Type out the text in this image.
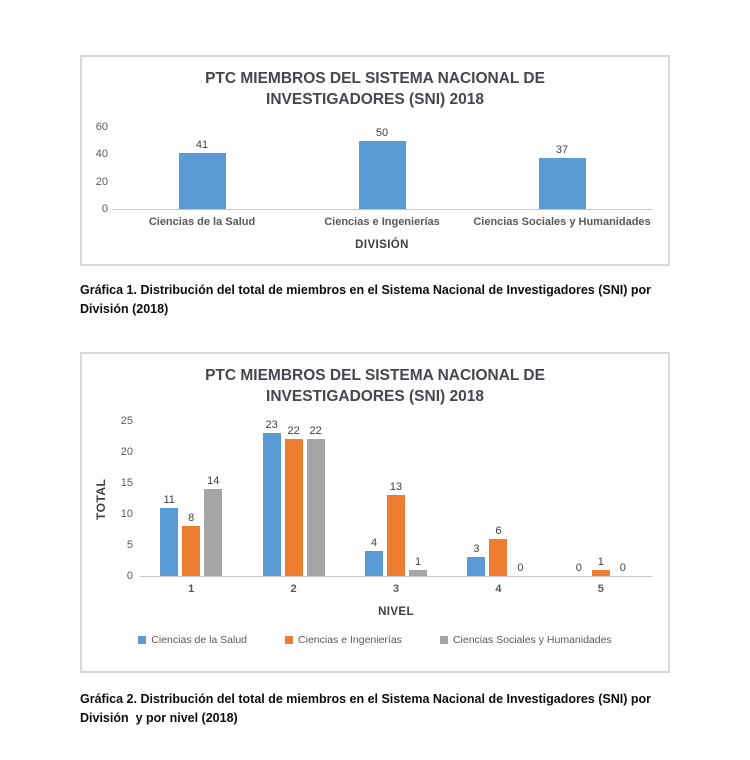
PTC MIEMBROS DEL SISTEMA NACIONAL DE INVESTIGADORES (SNI) 2018
0
20
40
60
41
50
37
Ciencias de la Salud	Ciencias e Ingenierías	Ciencias Sociales y Humanidades
DIVISIÓN
Gráfica 1. Distribución del total de miembros en el Sistema Nacional de Investigadores (SNI) por División (2018)
PTC MIEMBROS DEL SISTEMA NACIONAL DE INVESTIGADORES (SNI) 2018
TOTAL
0
5
10
15
20
25
11
8
14
23
22 22
4
13
1
3
6
0	0
1
0
1	2	3	4	5
NIVEL
Ciencias de la Salud	Ciencias e Ingenierías	Ciencias Sociales y Humanidades
Gráfica 2. Distribución del total de miembros en el Sistema Nacional de Investigadores (SNI) por División  y por nivel (2018)
